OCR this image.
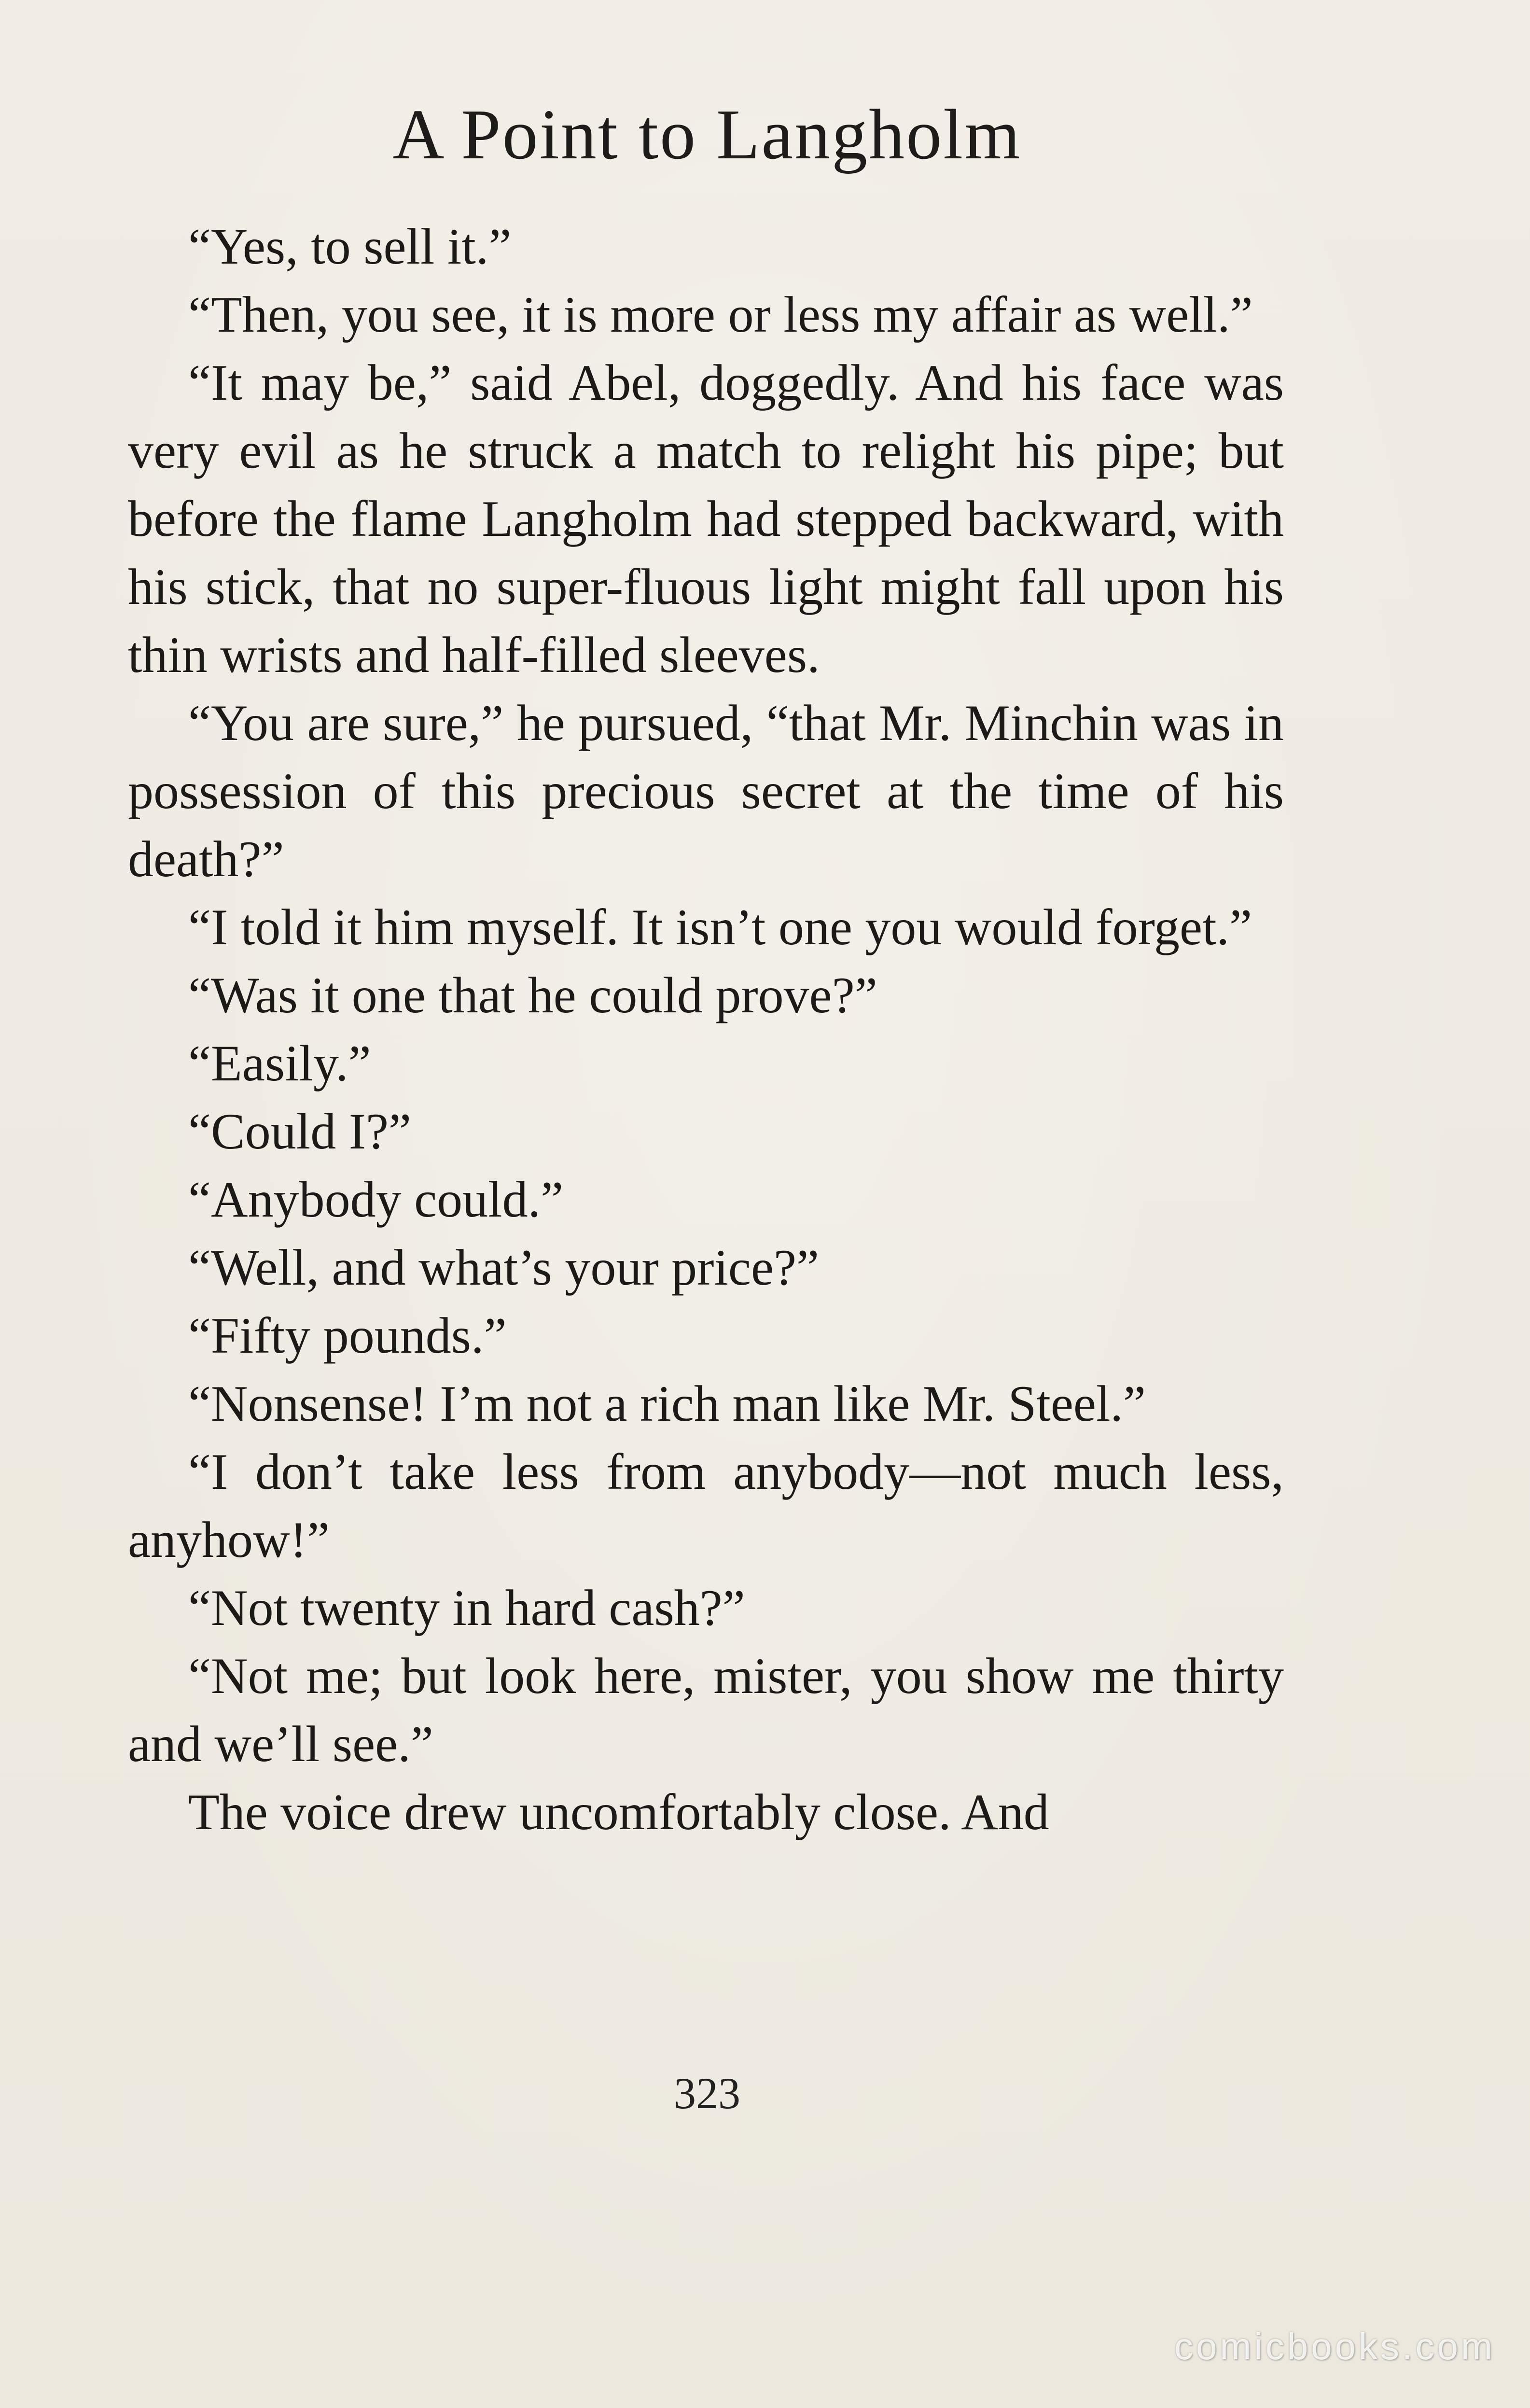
A Point to Langholm

“Yes, to sell it.”

“Then, you see, it is more or less my affair as well.”

“It may be,” said Abel, doggedly. And his face was very evil as he struck a match to relight his pipe; but before the flame Langholm had stepped backward, with his stick, that no super-fluous light might fall upon his thin wrists and half-filled sleeves.

“You are sure,” he pursued, “that Mr. Minchin was in possession of this precious secret at the time of his death?”

“I told it him myself. It isn’t one you would forget.”

“Was it one that he could prove?”

“Easily.”

“Could I?”

“Anybody could.”

“Well, and what’s your price?”

“Fifty pounds.”

“Nonsense! I’m not a rich man like Mr. Steel.”

“I don’t take less from anybody—not much less, anyhow!”

“Not twenty in hard cash?”

“Not me; but look here, mister, you show me thirty and we’ll see.”

The voice drew uncomfortably close. And

323
comicbooks.com
